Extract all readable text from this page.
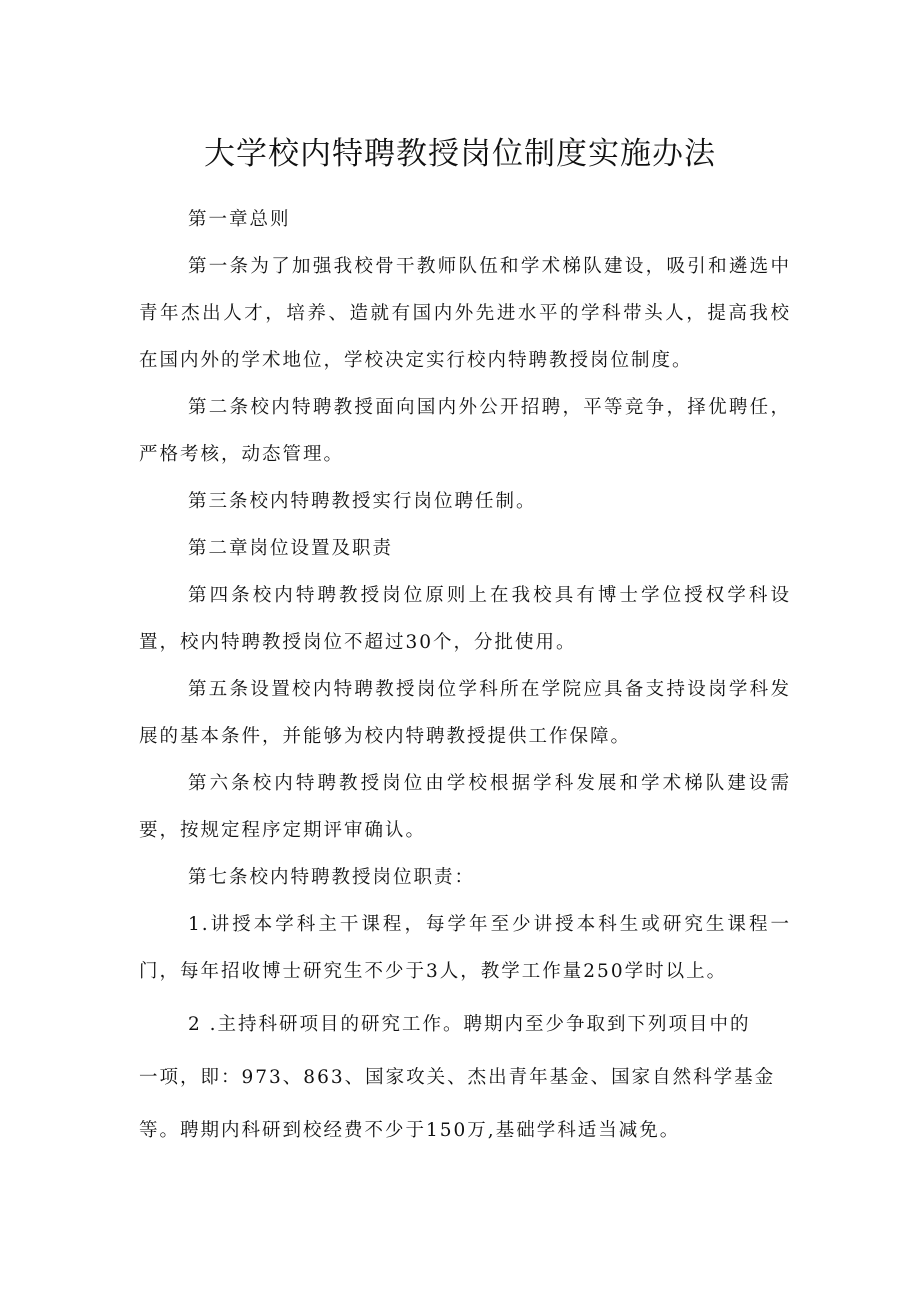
大学校内特聘教授岗位制度实施办法

第一章总则

第一条为了加强我校骨干教师队伍和学术梯队建设，吸引和遴选中青年杰出人才，培养、造就有国内外先进水平的学科带头人，提高我校在国内外的学术地位，学校决定实行校内特聘教授岗位制度。

第二条校内特聘教授面向国内外公开招聘，平等竞争，择优聘任，严格考核，动态管理。

第三条校内特聘教授实行岗位聘任制。

第二章岗位设置及职责

第四条校内特聘教授岗位原则上在我校具有博士学位授权学科设置，校内特聘教授岗位不超过30个，分批使用。

第五条设置校内特聘教授岗位学科所在学院应具备支持设岗学科发展的基本条件，并能够为校内特聘教授提供工作保障。

第六条校内特聘教授岗位由学校根据学科发展和学术梯队建设需要，按规定程序定期评审确认。

第七条校内特聘教授岗位职责：

1.讲授本学科主干课程，每学年至少讲授本科生或研究生课程一门，每年招收博士研究生不少于3人，教学工作量250学时以上。

2 .主持科研项目的研究工作。聘期内至少争取到下列项目中的

一项，即：973、863、国家攻关、杰出青年基金、国家自然科学基金

等。聘期内科研到校经费不少于150万,基础学科适当减免。
